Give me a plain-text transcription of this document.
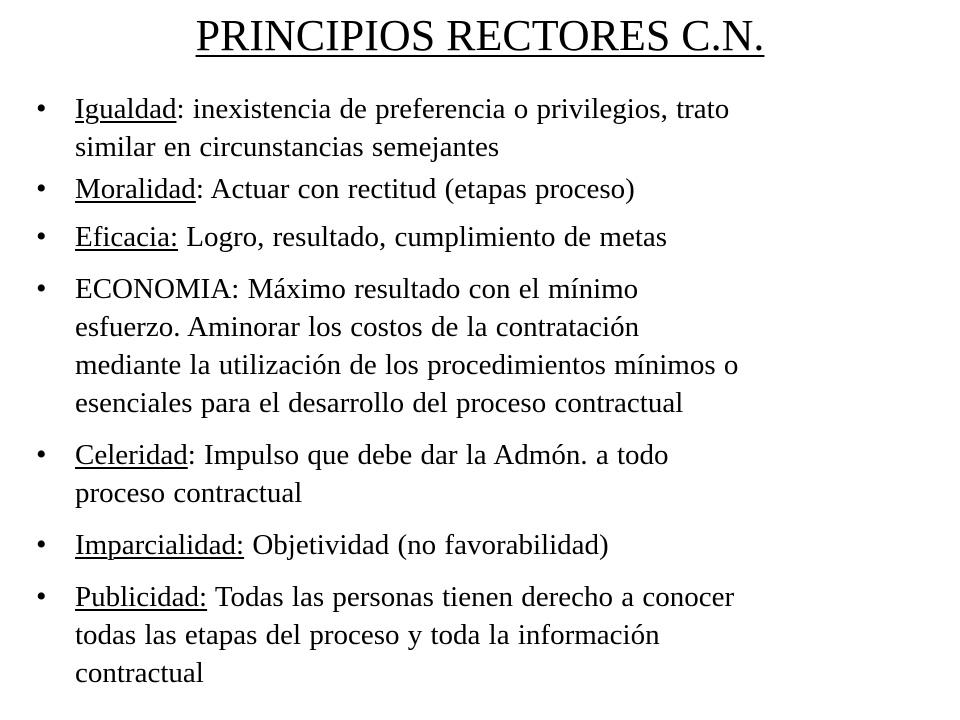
PRINCIPIOS RECTORES C.N.
• Igualdad: inexistencia de preferencia o privilegios, trato
similar en circunstancias semejantes
• Moralidad: Actuar con rectitud (etapas proceso)
• Eficacia: Logro, resultado, cumplimiento de metas
• ECONOMIA: Máximo resultado con el mínimo
esfuerzo. Aminorar los costos de la contratación
mediante la utilización de los procedimientos mínimos o
esenciales para el desarrollo del proceso contractual
• Celeridad: Impulso que debe dar la Admón. a todo
proceso contractual
• Imparcialidad: Objetividad (no favorabilidad)
• Publicidad: Todas las personas tienen derecho a conocer
todas las etapas del proceso y toda la información
contractual
